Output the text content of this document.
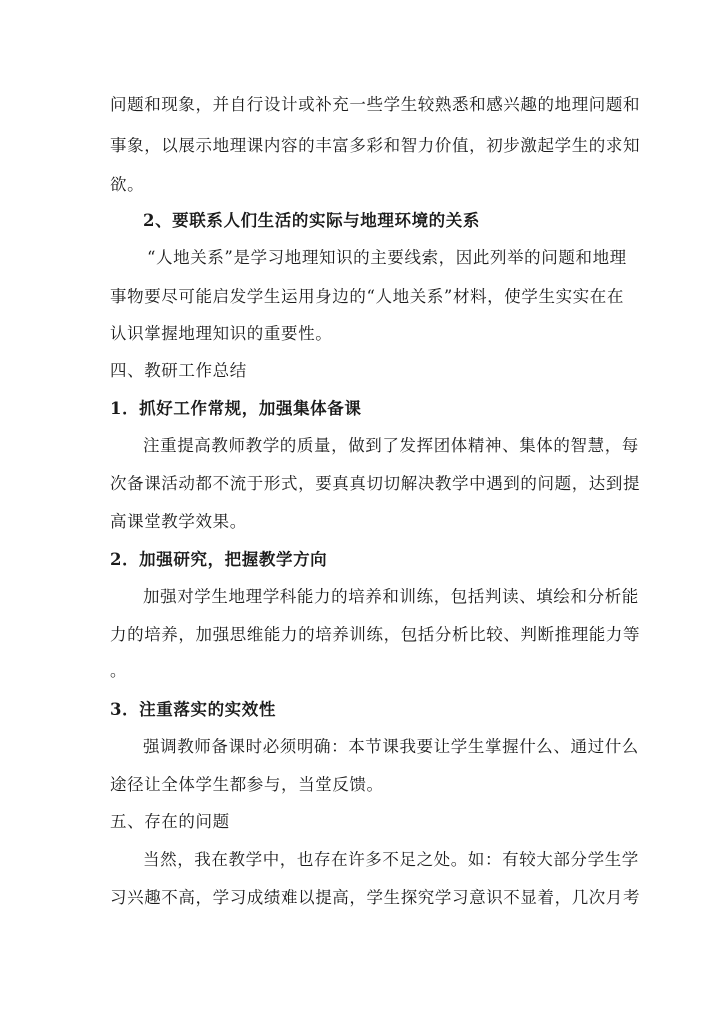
问题和现象，并自行设计或补充一些学生较熟悉和感兴趣的地理问题和
事象，以展示地理课内容的丰富多彩和智力价值，初步激起学生的求知
欲。
2、要联系人们生活的实际与地理环境的关系
“人地关系”是学习地理知识的主要线索，因此列举的问题和地理
事物要尽可能启发学生运用身边的“人地关系”材料，使学生实实在在
认识掌握地理知识的重要性。
四、教研工作总结
1．抓好工作常规，加强集体备课
注重提高教师教学的质量，做到了发挥团体精神、集体的智慧，每
次备课活动都不流于形式，要真真切切解决教学中遇到的问题，达到提
高课堂教学效果。
2．加强研究，把握教学方向
加强对学生地理学科能力的培养和训练，包括判读、填绘和分析能
力的培养，加强思维能力的培养训练，包括分析比较、判断推理能力等
。
3．注重落实的实效性
强调教师备课时必须明确：本节课我要让学生掌握什么、通过什么
途径让全体学生都参与，当堂反馈。
五、存在的问题
当然，我在教学中，也存在许多不足之处。如：有较大部分学生学
习兴趣不高，学习成绩难以提高，学生探究学习意识不显着，几次月考
